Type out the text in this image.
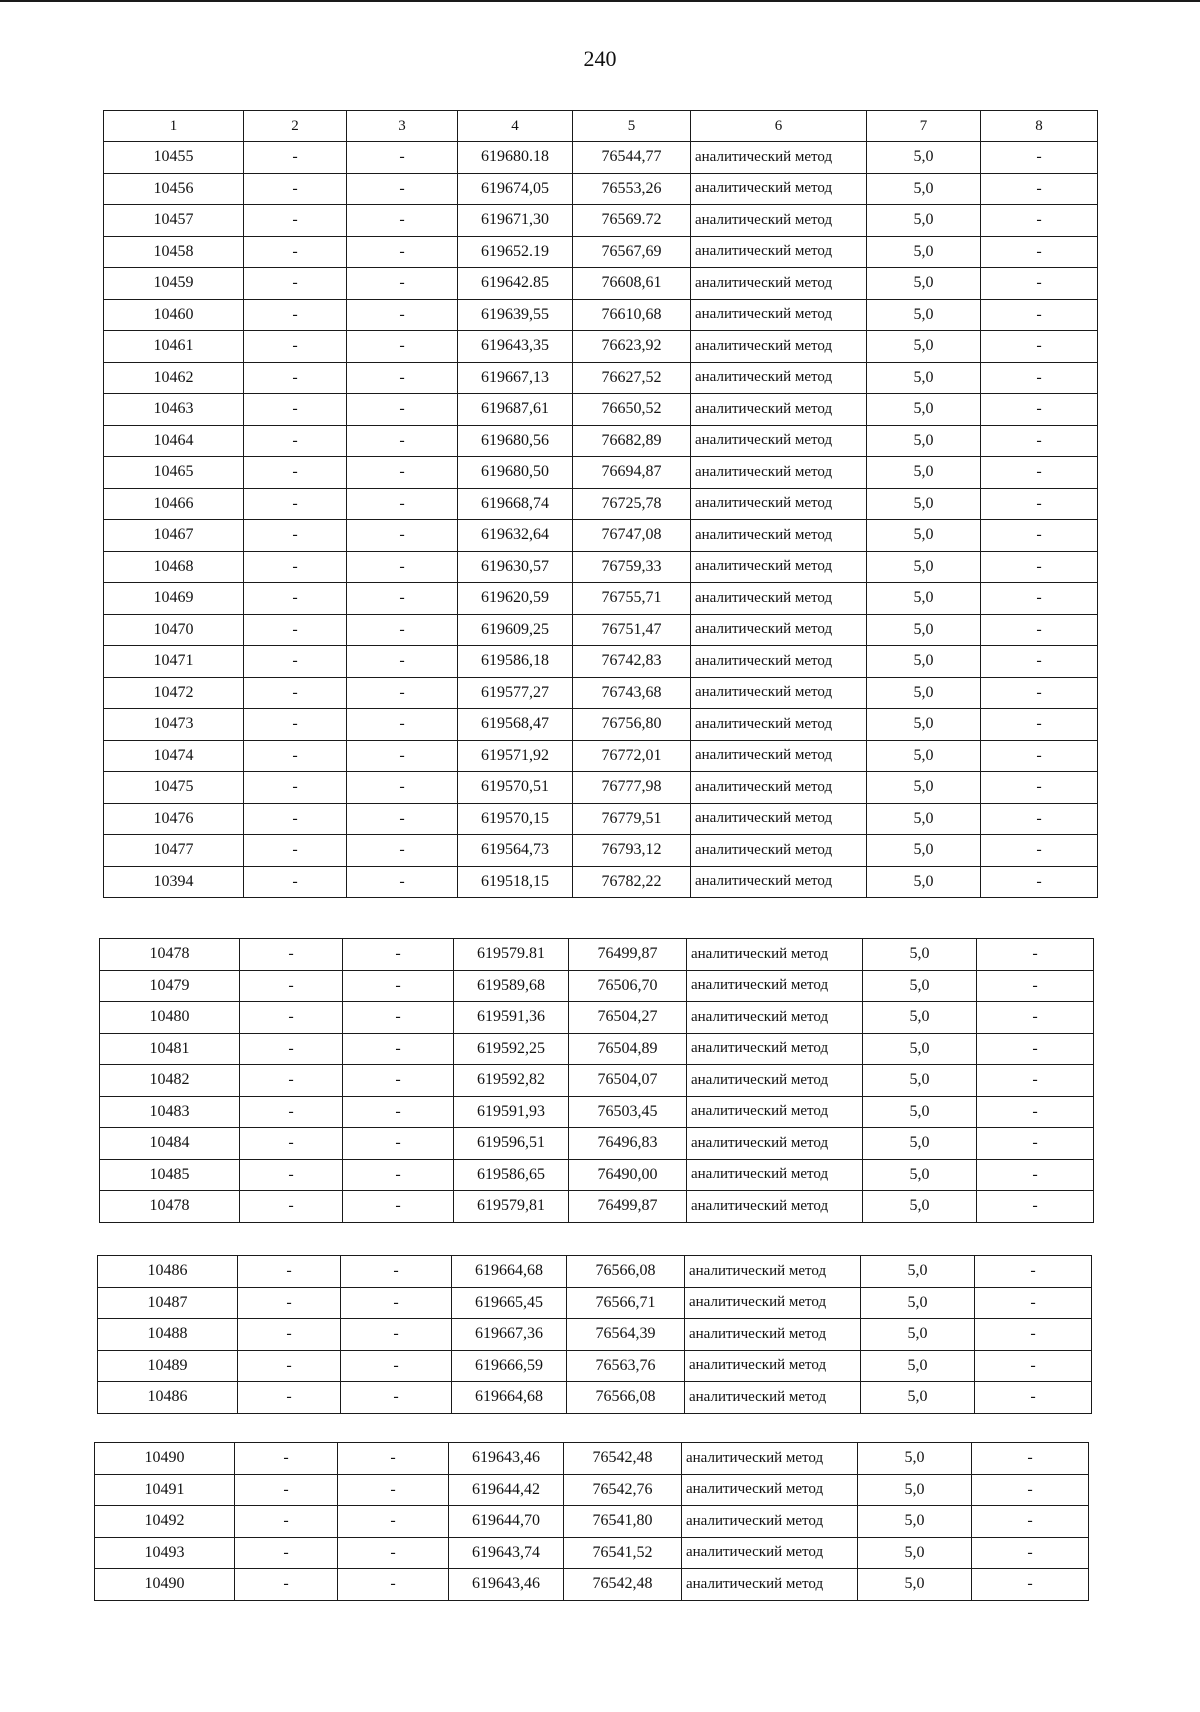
240
1	2	3	4	5	6	7	8
10455	-	-	619680.18	76544,77	аналитический метод	5,0	-
10456	-	-	619674,05	76553,26	аналитический метод	5,0	-
10457	-	-	619671,30	76569.72	аналитический метод	5,0	-
10458	-	-	619652.19	76567,69	аналитический метод	5,0	-
10459	-	-	619642.85	76608,61	аналитический метод	5,0	-
10460	-	-	619639,55	76610,68	аналитический метод	5,0	-
10461	-	-	619643,35	76623,92	аналитический метод	5,0	-
10462	-	-	619667,13	76627,52	аналитический метод	5,0	-
10463	-	-	619687,61	76650,52	аналитический метод	5,0	-
10464	-	-	619680,56	76682,89	аналитический метод	5,0	-
10465	-	-	619680,50	76694,87	аналитический метод	5,0	-
10466	-	-	619668,74	76725,78	аналитический метод	5,0	-
10467	-	-	619632,64	76747,08	аналитический метод	5,0	-
10468	-	-	619630,57	76759,33	аналитический метод	5,0	-
10469	-	-	619620,59	76755,71	аналитический метод	5,0	-
10470	-	-	619609,25	76751,47	аналитический метод	5,0	-
10471	-	-	619586,18	76742,83	аналитический метод	5,0	-
10472	-	-	619577,27	76743,68	аналитический метод	5,0	-
10473	-	-	619568,47	76756,80	аналитический метод	5,0	-
10474	-	-	619571,92	76772,01	аналитический метод	5,0	-
10475	-	-	619570,51	76777,98	аналитический метод	5,0	-
10476	-	-	619570,15	76779,51	аналитический метод	5,0	-
10477	-	-	619564,73	76793,12	аналитический метод	5,0	-
10394	-	-	619518,15	76782,22	аналитический метод	5,0	-
10478	-	-	619579.81	76499,87	аналитический метод	5,0	-
10479	-	-	619589,68	76506,70	аналитический метод	5,0	-
10480	-	-	619591,36	76504,27	аналитический метод	5,0	-
10481	-	-	619592,25	76504,89	аналитический метод	5,0	-
10482	-	-	619592,82	76504,07	аналитический метод	5,0	-
10483	-	-	619591,93	76503,45	аналитический метод	5,0	-
10484	-	-	619596,51	76496,83	аналитический метод	5,0	-
10485	-	-	619586,65	76490,00	аналитический метод	5,0	-
10478	-	-	619579,81	76499,87	аналитический метод	5,0	-
10486	-	-	619664,68	76566,08	аналитический метод	5,0	-
10487	-	-	619665,45	76566,71	аналитический метод	5,0	-
10488	-	-	619667,36	76564,39	аналитический метод	5,0	-
10489	-	-	619666,59	76563,76	аналитический метод	5,0	-
10486	-	-	619664,68	76566,08	аналитический метод	5,0	-
10490	-	-	619643,46	76542,48	аналитический метод	5,0	-
10491	-	-	619644,42	76542,76	аналитический метод	5,0	-
10492	-	-	619644,70	76541,80	аналитический метод	5,0	-
10493	-	-	619643,74	76541,52	аналитический метод	5,0	-
10490	-	-	619643,46	76542,48	аналитический метод	5,0	-
